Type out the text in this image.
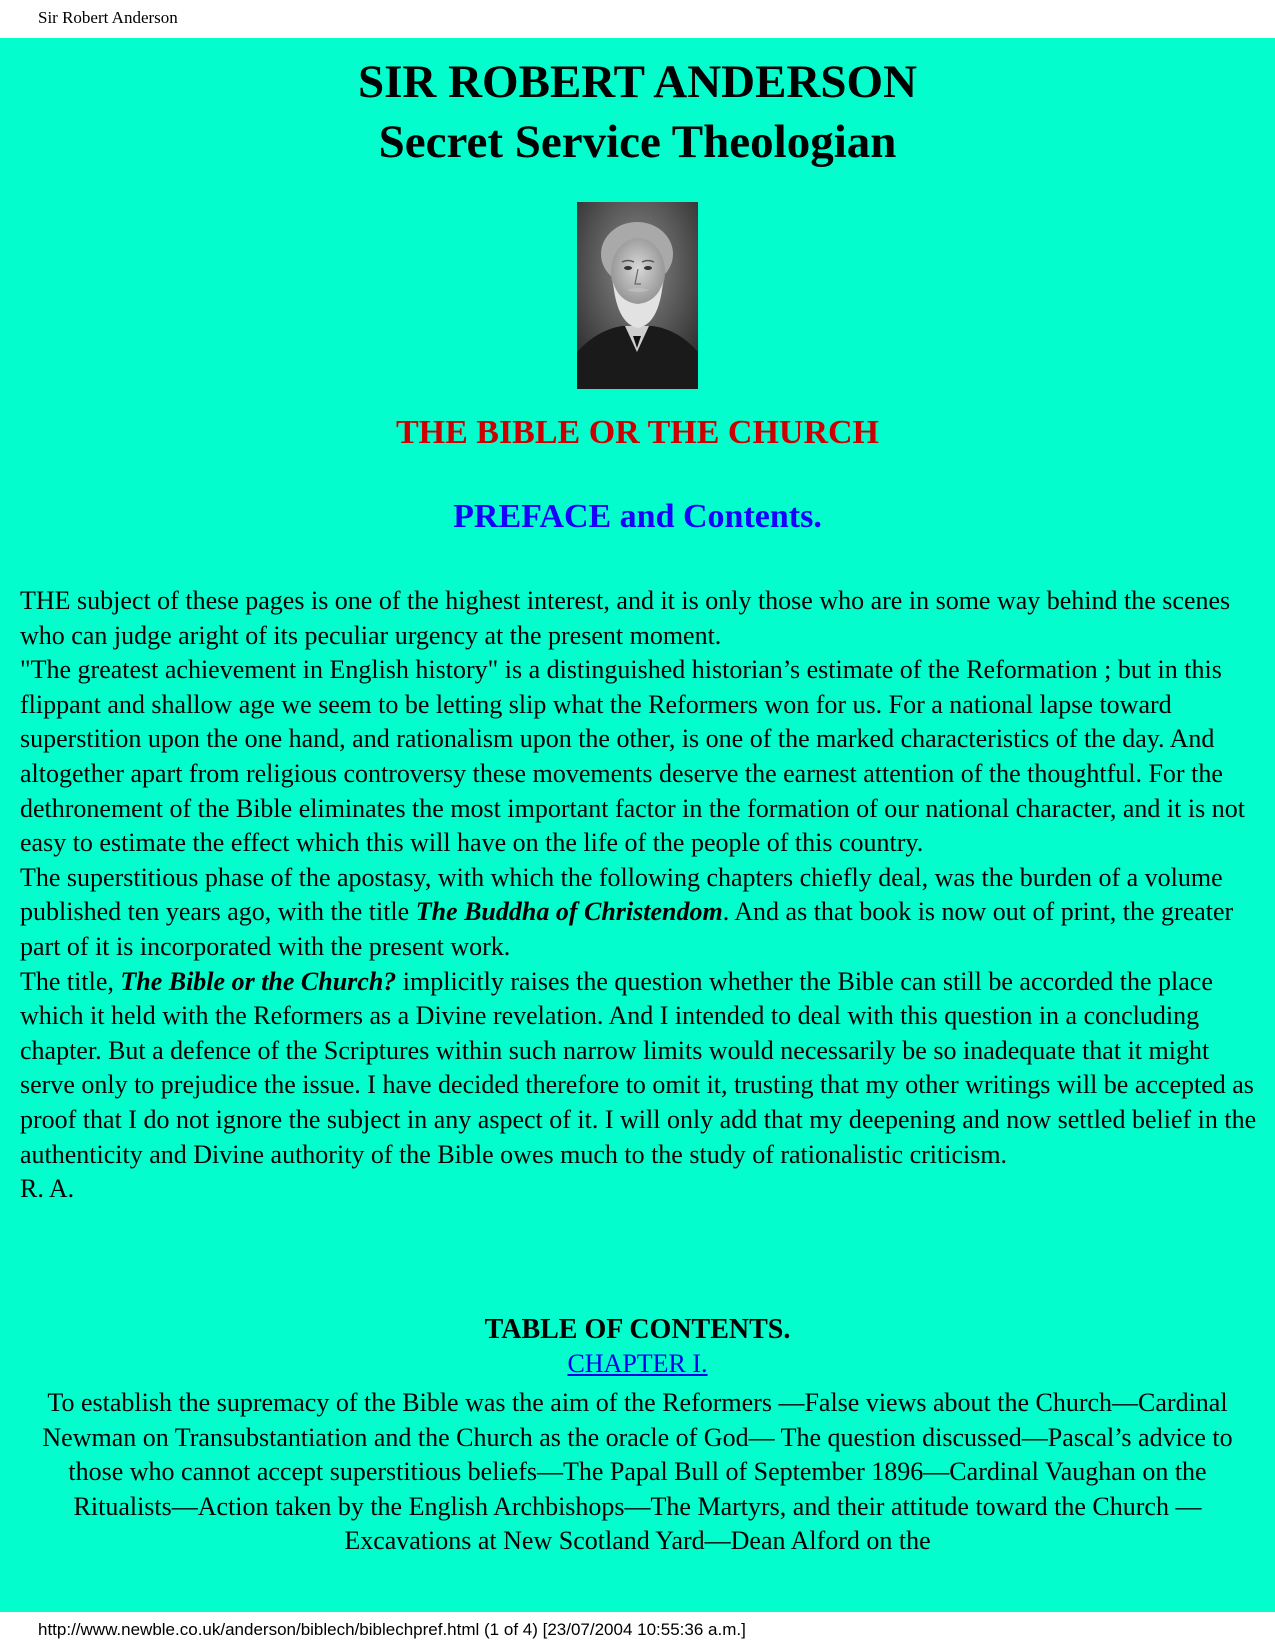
Sir Robert Anderson
SIR ROBERT ANDERSON
Secret Service Theologian
THE BIBLE OR THE CHURCH
PREFACE and Contents.

THE subject of these pages is one of the highest interest, and it is only those who are in some way behind the scenes who can judge aright of its peculiar urgency at the present moment.

"The greatest achievement in English history" is a distinguished historian’s estimate of the Reformation ; but in this flippant and shallow age we seem to be letting slip what the Reformers won for us. For a national lapse toward superstition upon the one hand, and rationalism upon the other, is one of the marked characteristics of the day. And altogether apart from religious controversy these movements deserve the earnest attention of the thoughtful. For the dethronement of the Bible eliminates the most important factor in the formation of our national character, and it is not easy to estimate the effect which this will have on the life of the people of this country.

The superstitious phase of the apostasy, with which the following chapters chiefly deal, was the burden of a volume published ten years ago, with the title The Buddha of Christendom. And as that book is now out of print, the greater part of it is incorporated with the present work.

The title, The Bible or the Church? implicitly raises the question whether the Bible can still be accorded the place which it held with the Reformers as a Divine revelation. And I intended to deal with this question in a concluding chapter. But a defence of the Scriptures within such narrow limits would necessarily be so inadequate that it might serve only to prejudice the issue. I have decided therefore to omit it, trusting that my other writings will be accepted as proof that I do not ignore the subject in any aspect of it. I will only add that my deepening and now settled belief in the authenticity and Divine authority of the Bible owes much to the study of rationalistic criticism.

R. A.

TABLE OF CONTENTS.
CHAPTER I.
To establish the supremacy of the Bible was the aim of the Reformers —False views about the Church—Cardinal Newman on Transubstantiation and the Church as the oracle of God— The question discussed—Pascal’s advice to those who cannot accept superstitious beliefs—The Papal Bull of September 1896—Cardinal Vaughan on the Ritualists—Action taken by the English Archbishops—The Martyrs, and their attitude toward the Church —Excavations at New Scotland Yard—Dean Alford on the
http://www.newble.co.uk/anderson/biblech/biblechpref.html (1 of 4) [23/07/2004 10:55:36 a.m.]
